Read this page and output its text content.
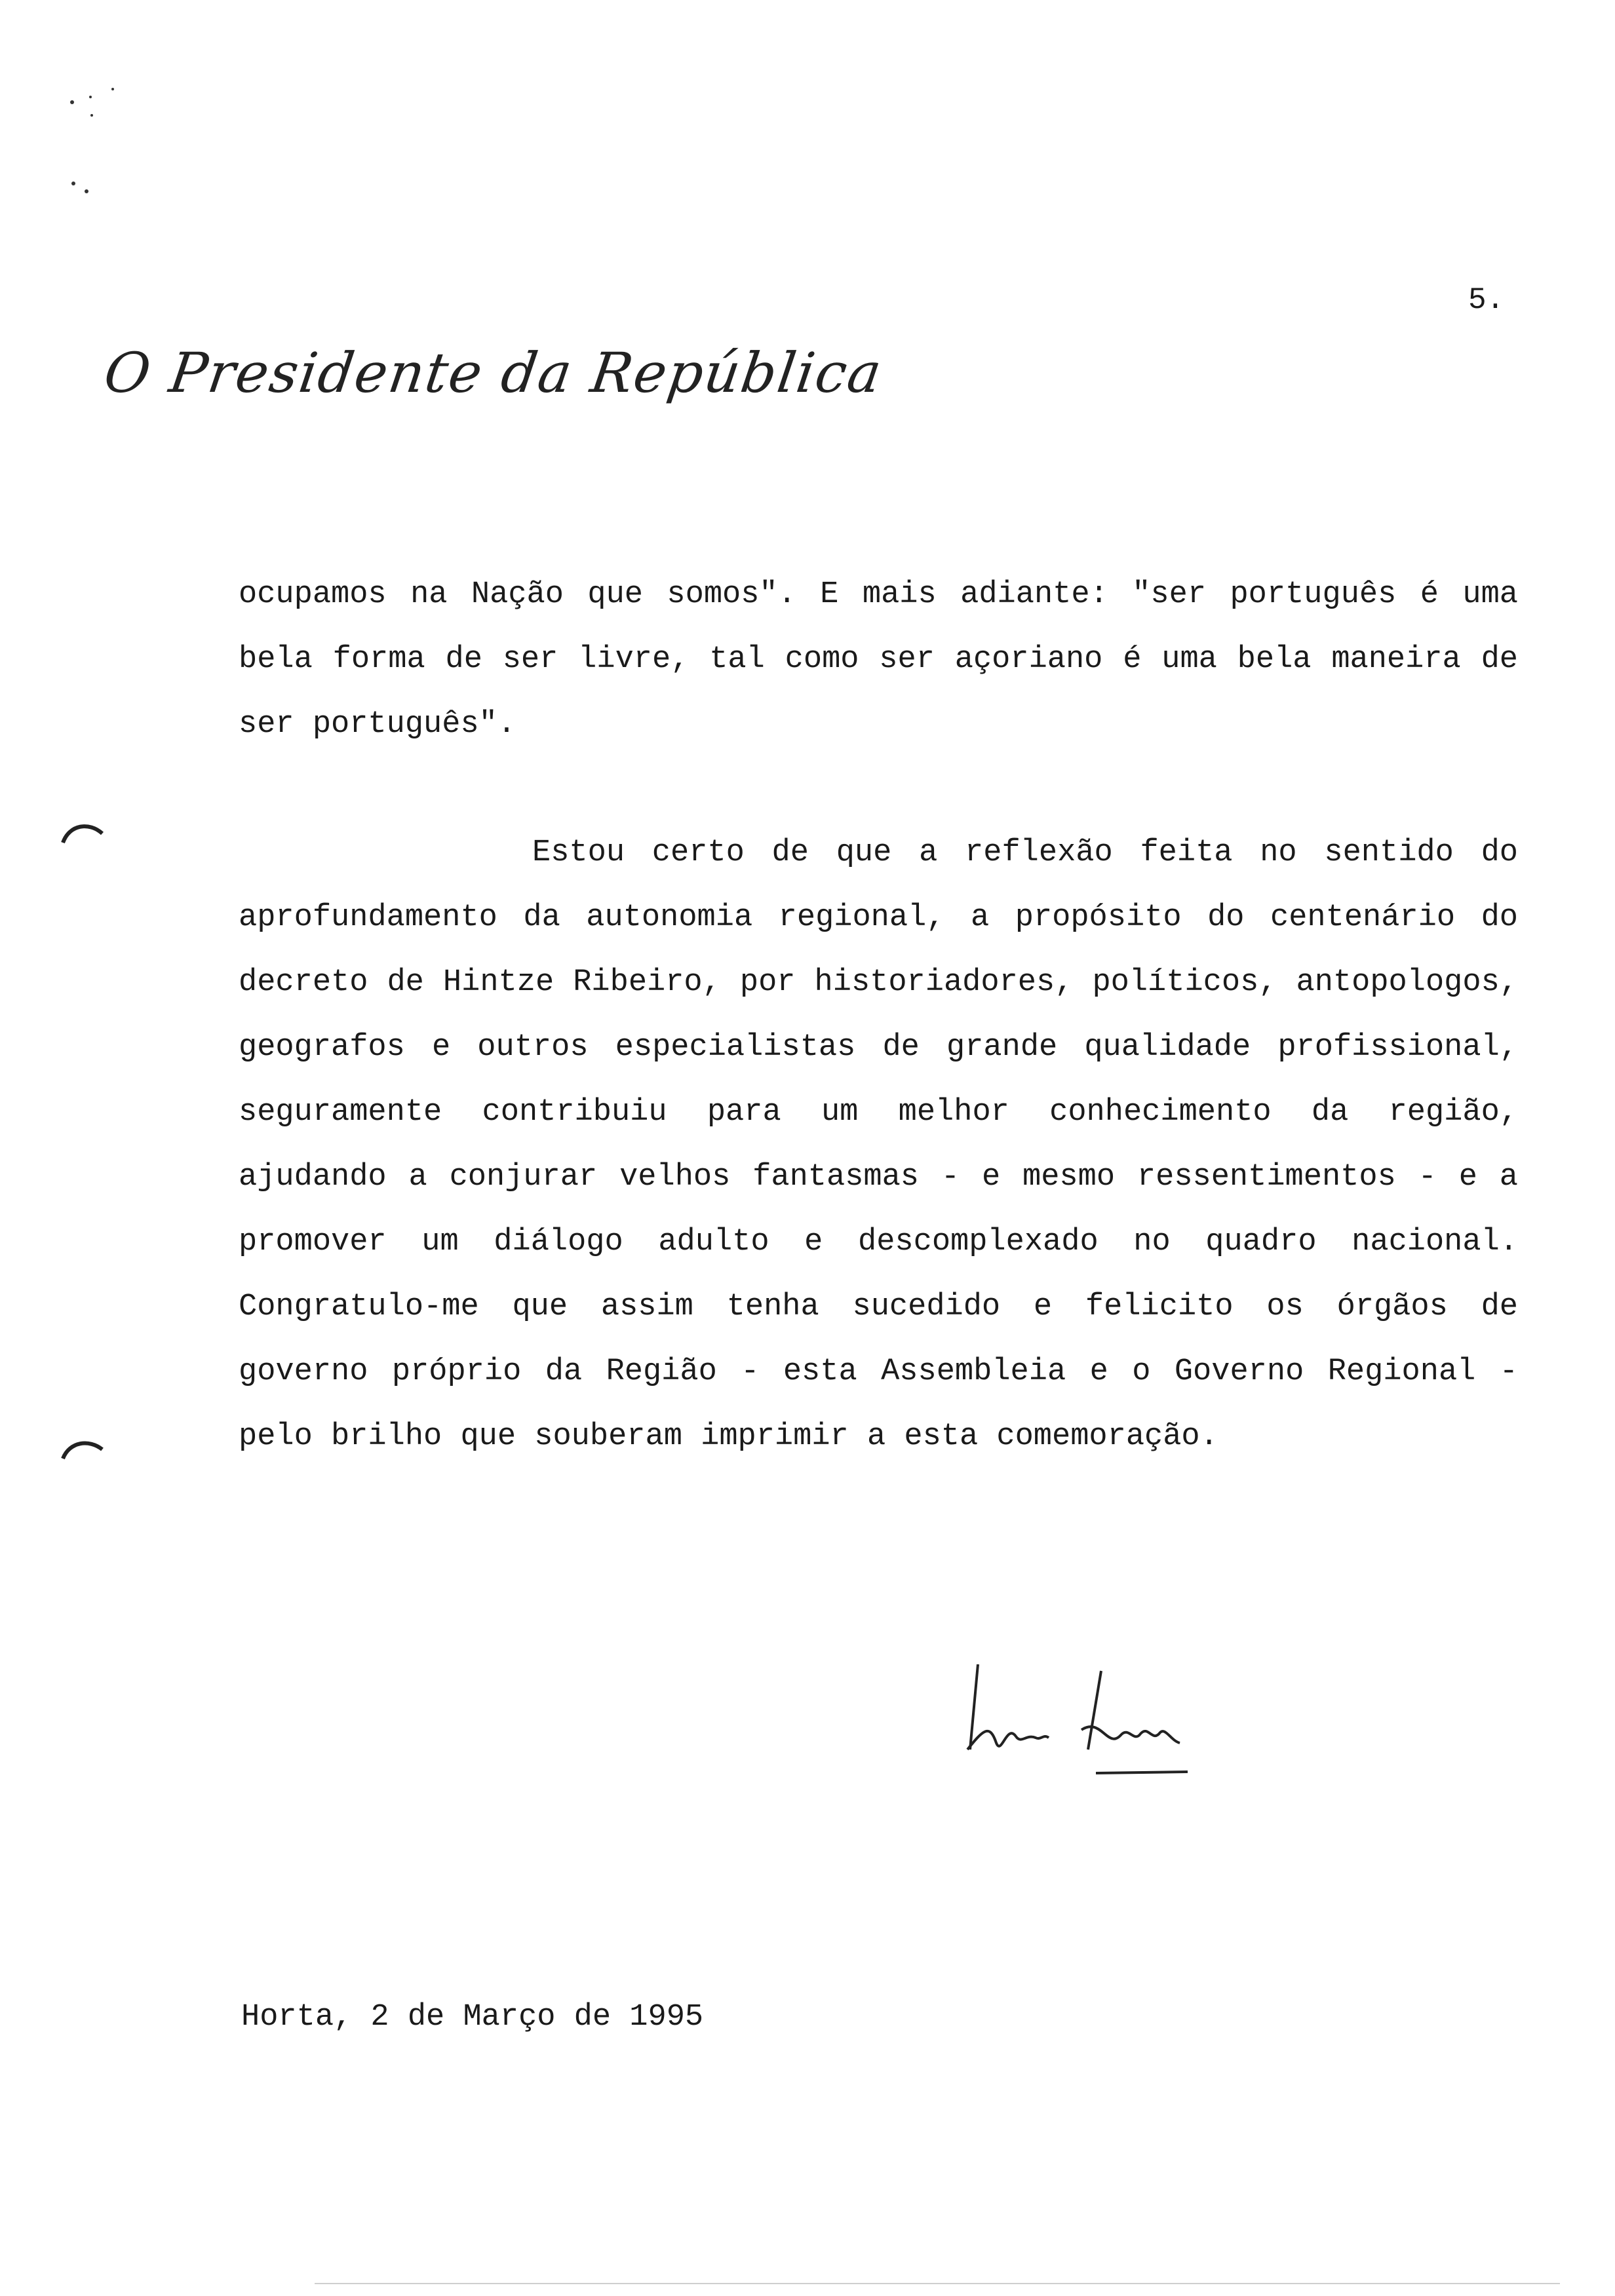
5.
O Presidente da República
ocupamos na Nação que somos". E mais adiante: "ser português é uma bela forma de ser livre, tal como ser açoriano é uma bela maneira de ser português".
Estou certo de que a reflexão feita no sentido do aprofundamento da autonomia regional, a propósito do centenário do decreto de Hintze Ribeiro, por historiadores, políticos, antopologos, geografos e outros especialistas de grande qualidade profissional, seguramente contribuiu para um melhor conhecimento da região, ajudando a conjurar velhos fantasmas - e mesmo ressentimentos - e a promover um diálogo adulto e descomplexado no quadro nacional. Congratulo-me que assim tenha sucedido e felicito os órgãos de governo próprio da Região - esta Assembleia e o Governo Regional - pelo brilho que souberam imprimir a esta comemoração.
Horta, 2 de Março de 1995
